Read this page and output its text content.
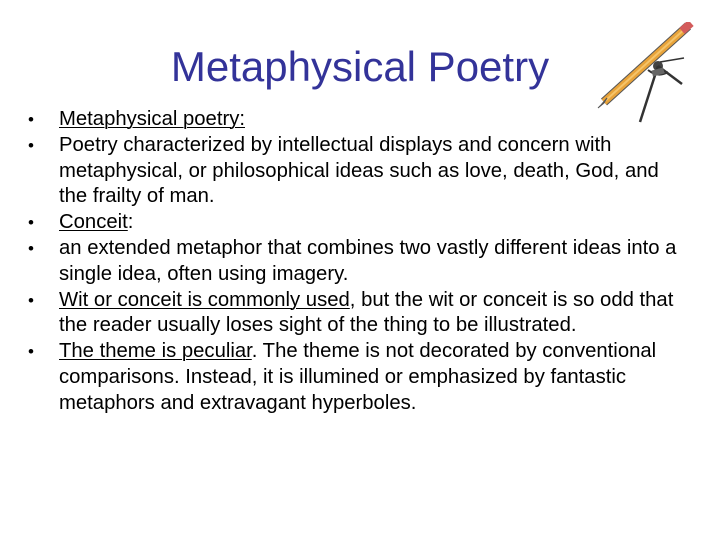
Metaphysical Poetry
•	Metaphysical poetry:
•	Poetry characterized by intellectual displays and concern with metaphysical, or philosophical ideas such as love, death, God, and the frailty of man.
•	Conceit:
•	an extended metaphor that combines two vastly different ideas into a single idea, often using imagery.
•	Wit or conceit is commonly used, but the wit or conceit is so odd that the reader usually loses sight of the thing to be illustrated.
•	The theme is peculiar. The theme is not decorated by conventional comparisons. Instead, it is illumined or emphasized by fantastic metaphors and extravagant hyperboles.
